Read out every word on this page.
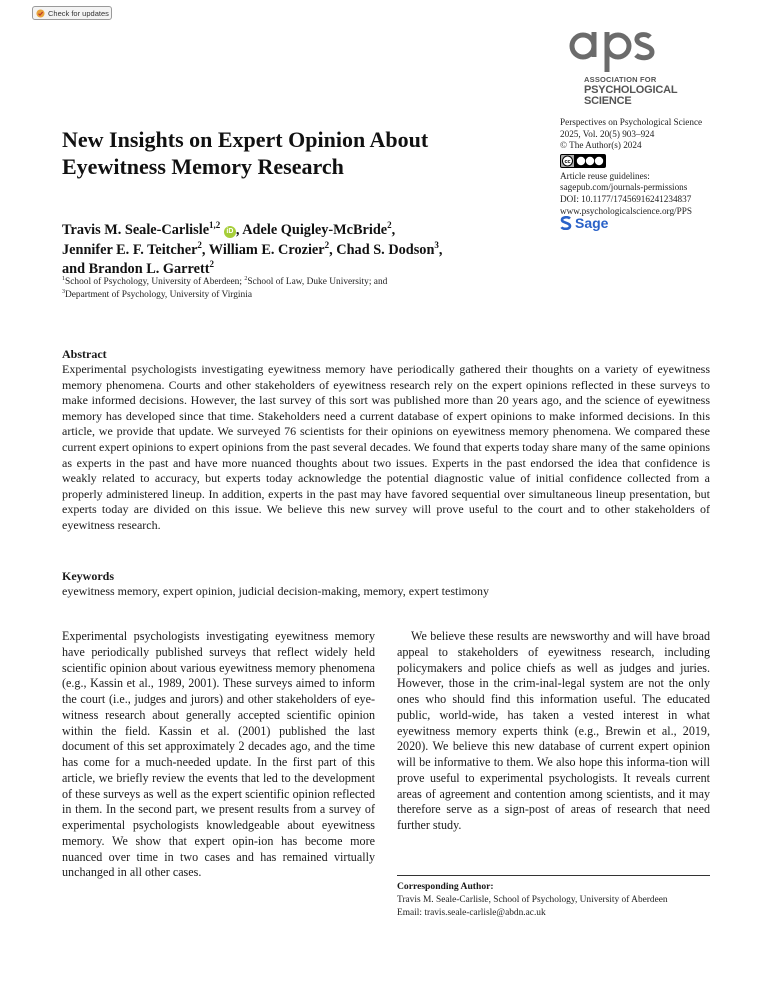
Check for updates
ASSOCIATION FOR
PSYCHOLOGICAL SCIENCE
New Insights on Expert Opinion About Eyewitness Memory Research
Perspectives on Psychological Science
2025, Vol. 20(5) 903–924
© The Author(s) 2024
cc
Article reuse guidelines:
sagepub.com/journals-permissions
DOI: 10.1177/17456916241234837
www.psychologicalscience.org/PPS
Sage
Travis M. Seale-Carlisle$^{1,2}$ iD , Adele Quigley-McBride$^2$,
Jennifer E. F. Teitcher$^2$, William E. Crozier$^2$, Chad S. Dodson$^3$,
and Brandon L. Garrett$^2$
$^1$School of Psychology, University of Aberdeen; $^2$School of Law, Duke University; and
$^3$Department of Psychology, University of Virginia
Abstract
Experimental psychologists investigating eyewitness memory have periodically gathered their thoughts on a variety of eyewitness memory phenomena. Courts and other stakeholders of eyewitness research rely on the expert opinions reflected in these surveys to make informed decisions. However, the last survey of this sort was published more than 20 years ago, and the science of eyewitness memory has developed since that time. Stakeholders need a current database of expert opinions to make informed decisions. In this article, we provide that update. We surveyed 76 scientists for their opinions on eyewitness memory phenomena. We compared these current expert opinions to expert opinions from the past several decades. We found that experts today share many of the same opinions as experts in the past and have more nuanced thoughts about two issues. Experts in the past endorsed the idea that confidence is weakly related to accuracy, but experts today acknowledge the potential diagnostic value of initial confidence collected from a properly administered lineup. In addition, experts in the past may have favored sequential over simultaneous lineup presentation, but experts today are divided on this issue. We believe this new survey will prove useful to the court and to other stakeholders of eyewitness research.
Keywords
eyewitness memory, expert opinion, judicial decision-making, memory, expert testimony

Experimental psychologists investigating eyewitness memory have periodically published surveys that reflect widely held scientific opinion about various eyewitness memory phenomena (e.g., Kassin et al., 1989, 2001). These surveys aimed to inform the court (i.e., judges and jurors) and other stakeholders of eye-witness research about generally accepted scientific opinion within the field. Kassin et al. (2001) published the last document of this set approximately 2 decades ago, and the time has come for a much-needed update. In the first part of this article, we briefly review the events that led to the development of these surveys as well as the expert scientific opinion reflected in them. In the second part, we present results from a survey of experimental psychologists knowledgeable about eyewitness memory. We show that expert opin-ion has become more nuanced over time in two cases and has remained virtually unchanged in all other cases.

We believe these results are newsworthy and will have broad appeal to stakeholders of eyewitness research, including policymakers and police chiefs as well as judges and juries. However, those in the crim-inal-legal system are not the only ones who should find this information useful. The educated public, world-wide, has taken a vested interest in what eyewitness memory experts think (e.g., Brewin et al., 2019, 2020). We believe this new database of current expert opinion will be informative to them. We also hope this informa-tion will prove useful to experimental psychologists. It reveals current areas of agreement and contention among scientists, and it may therefore serve as a sign-post of areas of research that need further study.

Corresponding Author:
Travis M. Seale-Carlisle, School of Psychology, University of Aberdeen
Email: travis.seale-carlisle@abdn.ac.uk
